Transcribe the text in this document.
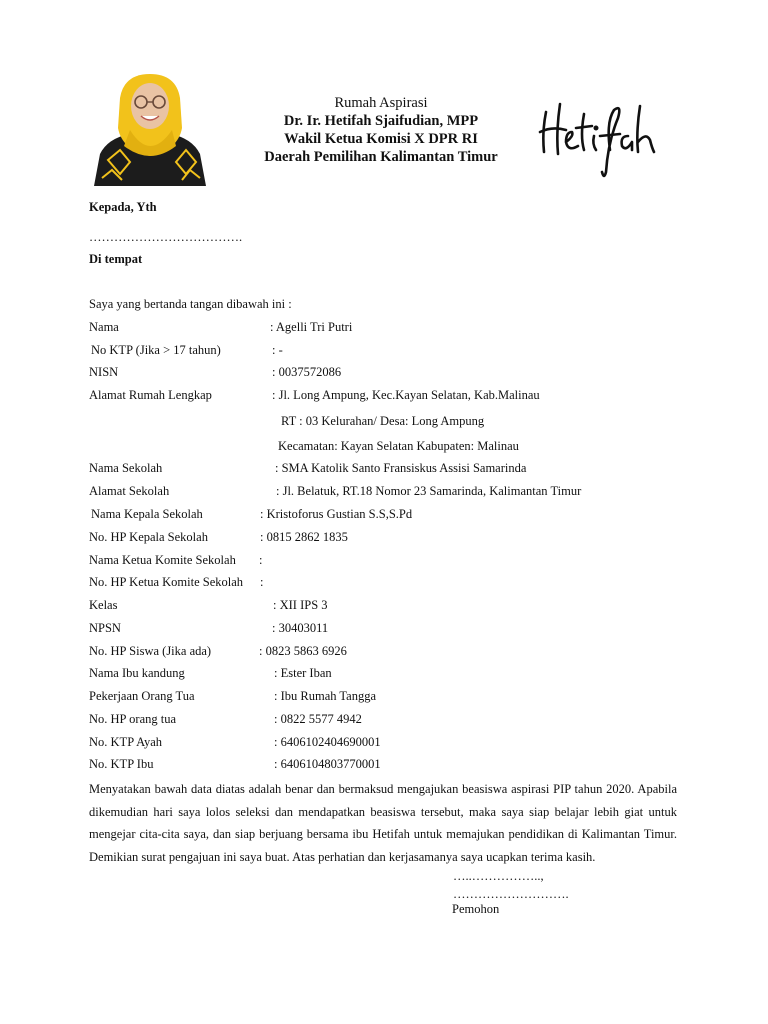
Rumah Aspirasi
Dr. Ir. Hetifah Sjaifudian, MPP
Wakil Ketua Komisi X DPR RI
Daerah Pemilihan Kalimantan Timur
Kepada, Yth
……………………………….
Di tempat
Saya yang bertanda tangan dibawah ini :
Nama	: Agelli Tri Putri
No KTP (Jika > 17 tahun)	: -
NISN	: 0037572086
Alamat Rumah Lengkap	: Jl. Long Ampung, Kec.Kayan Selatan, Kab.Malinau
RT : 03 Kelurahan/ Desa: Long Ampung
Kecamatan: Kayan Selatan Kabupaten: Malinau
Nama Sekolah	: SMA Katolik Santo Fransiskus Assisi Samarinda
Alamat Sekolah	: Jl. Belatuk, RT.18 Nomor 23 Samarinda, Kalimantan Timur
Nama Kepala Sekolah	: Kristoforus Gustian S.S,S.Pd
No. HP Kepala Sekolah	: 0815 2862 1835
Nama Ketua Komite Sekolah :
No. HP Ketua Komite Sekolah :
Kelas	: XII IPS 3
NPSN	: 30403011
No. HP Siswa (Jika ada)	: 0823 5863 6926
Nama Ibu kandung	: Ester Iban
Pekerjaan Orang Tua	: Ibu Rumah Tangga
No. HP orang tua	: 0822 5577 4942
No. KTP Ayah	: 6406102404690001
No. KTP Ibu	: 6406104803770001
Menyatakan bawah data diatas adalah benar dan bermaksud mengajukan beasiswa aspirasi PIP tahun 2020. Apabila
dikemudian hari saya lolos seleksi dan mendapatkan beasiswa tersebut, maka saya siap belajar lebih giat untuk
mengejar cita-cita saya, dan siap berjuang bersama ibu Hetifah untuk memajukan pendidikan di Kalimantan Timur.
Demikian surat pengajuan ini saya buat. Atas perhatian dan kerjasamanya saya ucapkan terima kasih.
…..……………..,
……………………….
Pemohon
